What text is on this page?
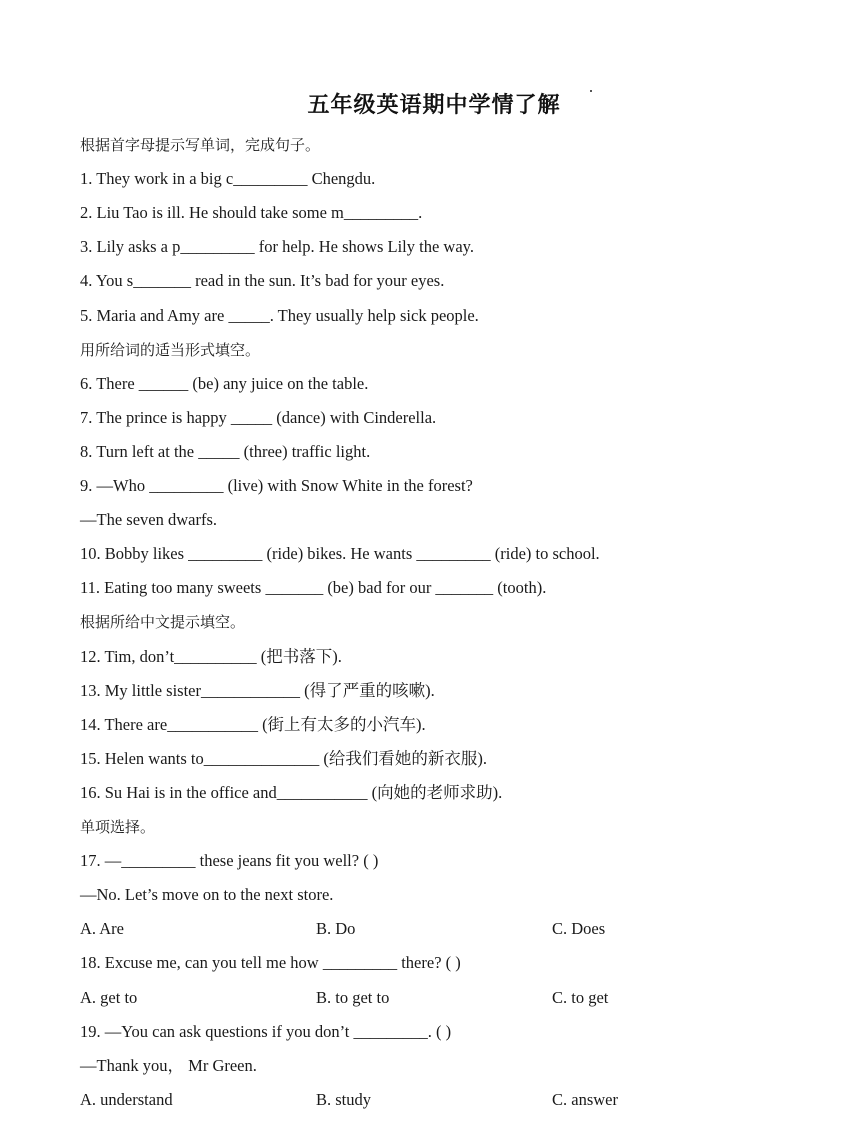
五年级英语期中学情了解
根据首字母提示写单词，完成句子。
1. They work in a big c_________ Chengdu.
2. Liu Tao is ill. He should take some m_________.
3. Lily asks a p_________ for help. He shows Lily the way.
4. You s_______ read in the sun. It’s bad for your eyes.
5. Maria and Amy are _____. They usually help sick people.
用所给词的适当形式填空。
6. There ______ (be) any juice on the table.
7. The prince is happy _____ (dance) with Cinderella.
8. Turn left at the _____ (three) traffic light.
9. —Who _________ (live) with Snow White in the forest?
—The seven dwarfs.
10. Bobby likes _________ (ride) bikes. He wants _________ (ride) to school.
11. Eating too many sweets _______ (be) bad for our _______ (tooth).
根据所给中文提示填空。
12. Tim, don’t__________ (把书落下).
13. My little sister____________ (得了严重的咳嗽).
14. There are___________ (街上有太多的小汽车).
15. Helen wants to______________ (给我们看她的新衣服).
16. Su Hai is in the office and___________ (向她的老师求助).
单项选择。
17. —_________ these jeans fit you well? ( )
—No. Let’s move on to the next store.
A. Are	B. Do	C. Does
18. Excuse me, can you tell me how _________ there? ( )
A. get to	B. to get to	C. to get
19. —You can ask questions if you don’t _________. ( )
—Thank you， Mr Green.
A. understand	B. study	C. answer
